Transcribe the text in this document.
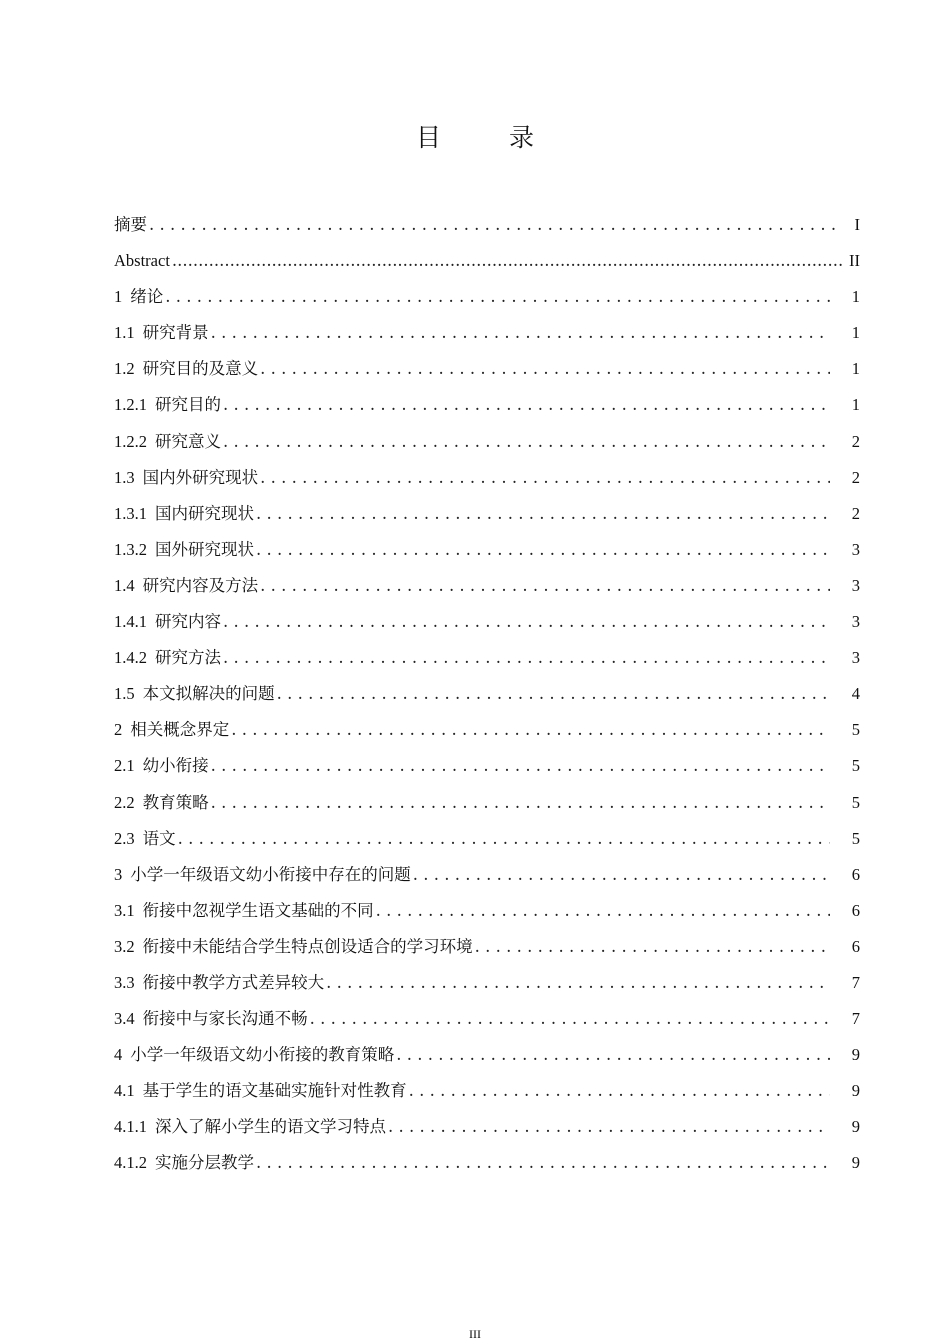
目 录
摘要 . . .	I
Abstract .....	II
1 绪论 . . .	1
1.1 研究背景 . . .	1
1.2 研究目的及意义 . . .	1
1.2.1 研究目的 . . .	1
1.2.2 研究意义 . . .	2
1.3 国内外研究现状 . . .	2
1.3.1 国内研究现状 . . .	2
1.3.2 国外研究现状 . . .	3
1.4 研究内容及方法 . . .	3
1.4.1 研究内容 . . .	3
1.4.2 研究方法 . . .	3
1.5 本文拟解决的问题 . . .	4
2 相关概念界定 . . .	5
2.1 幼小衔接 . . .	5
2.2 教育策略 . . .	5
2.3 语文 . . .	5
3 小学一年级语文幼小衔接中存在的问题 . . .	6
3.1 衔接中忽视学生语文基础的不同 . . .	6
3.2 衔接中未能结合学生特点创设适合的学习环境 . . .	6
3.3 衔接中教学方式差异较大 . . .	7
3.4 衔接中与家长沟通不畅 . . .	7
4 小学一年级语文幼小衔接的教育策略 . . .	9
4.1 基于学生的语文基础实施针对性教育 . . .	9
4.1.1 深入了解小学生的语文学习特点 . . .	9
4.1.2 实施分层教学 . . .	9
III
